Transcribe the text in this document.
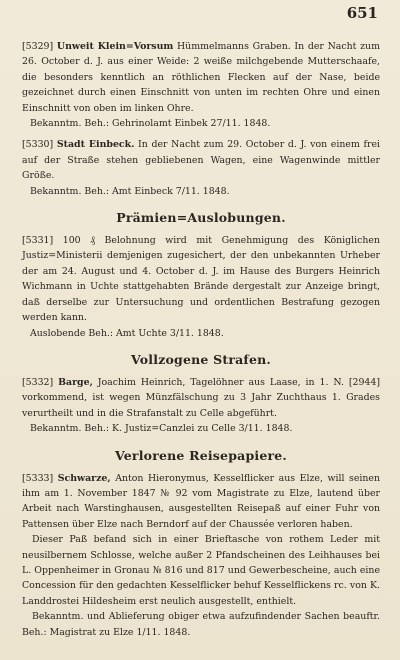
651

[5329] Unweit Klein=Vorsum Hümmelmanns Graben. In der Nacht zum 26. October d. J. aus einer Weide: 2 weiße milchgebende Mutterschaafe, die besonders kenntlich an röthlichen Flecken auf der Nase, beide gezeichnet durch einen Einschnitt von unten im rechten Ohre und einen Einschnitt von oben im linken Ohre.

Bekanntm. Beh.: Gehrinolamt Einbek 27/11. 1848.

[5330] Stadt Einbeck. In der Nacht zum 29. October d. J. von einem frei auf der Straße stehen gebliebenen Wagen, eine Wagenwinde mittler Größe.

Bekanntm. Beh.: Amt Einbeck 7/11. 1848.

Prämien=Auslobungen.

[5331] 100 ₰ Belohnung wird mit Genehmigung des Königlichen Justiz=Ministerii demjenigen zugesichert, der den unbekannten Urheber der am 24. August und 4. October d. J. im Hause des Burgers Heinrich Wichmann in Uchte stattgehabten Brände dergestalt zur Anzeige bringt, daß derselbe zur Untersuchung und ordentlichen Bestrafung gezogen werden kann.

Auslobende Beh.: Amt Uchte 3/11. 1848.

Vollzogene Strafen.

[5332] Barge, Joachim Heinrich, Tagelöhner aus Laase, in 1. N. [2944] vorkommend, ist wegen Münzfälschung zu 3 Jahr Zuchthaus 1. Grades verurtheilt und in die Strafanstalt zu Celle abgeführt.

Bekanntm. Beh.: K. Justiz=Canzlei zu Celle 3/11. 1848.

Verlorene Reisepapiere.

[5333] Schwarze, Anton Hieronymus, Kesselflicker aus Elze, will seinen ihm am 1. November 1847 № 92 vom Magistrate zu Elze, lautend über Arbeit nach Warstinghausen, ausgestellten Reisepaß auf einer Fuhr von Pattensen über Elze nach Berndorf auf der Chaussée verloren haben.

Dieser Paß befand sich in einer Brieftasche von rothem Leder mit neusilbernem Schlosse, welche außer 2 Pfandscheinen des Leihhauses bei L. Oppenheimer in Gronau № 816 und 817 und Gewerbescheine, auch eine Concession für den gedachten Kesselflicker behuf Kesselflickens rc. von K. Landdrostei Hildesheim erst neulich ausgestellt, enthielt.

Bekanntm. und Ablieferung obiger etwa aufzufindender Sachen beauftr. Beh.: Magistrat zu Elze 1/11. 1848.
